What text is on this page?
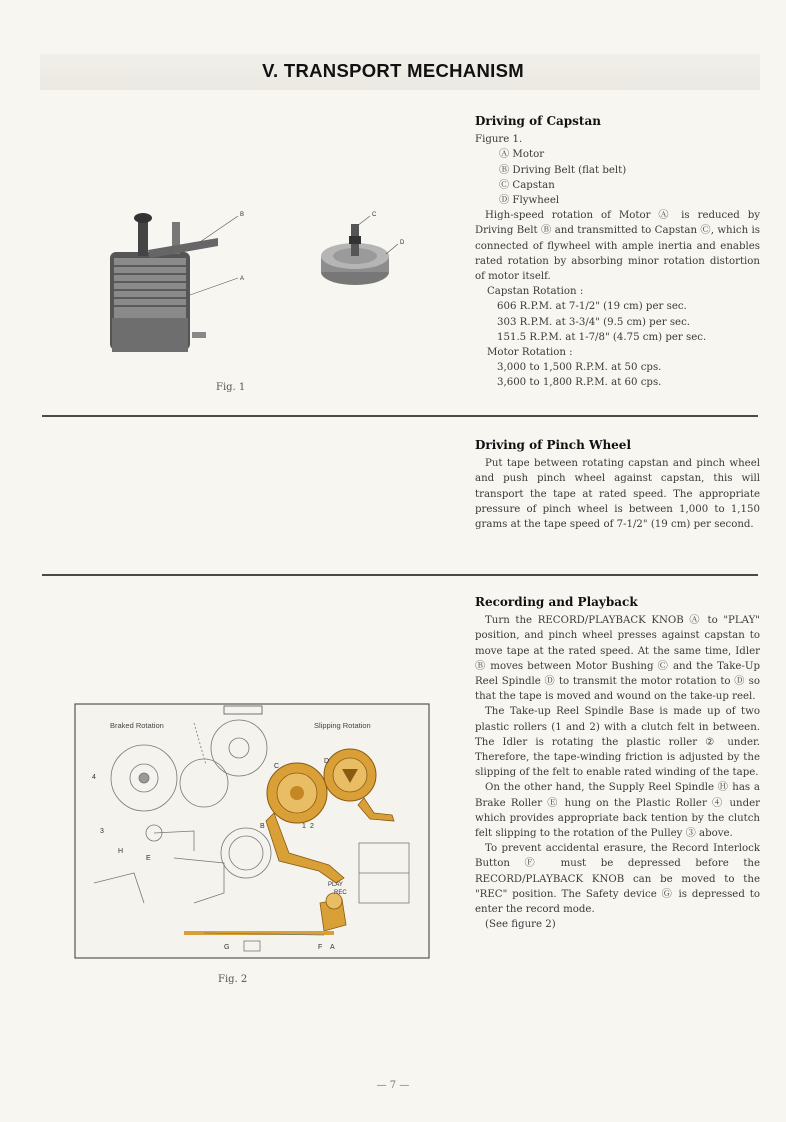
V. TRANSPORT MECHANISM
Driving of Capstan

Figure 1.

Ⓐ Motor

Ⓑ Driving Belt (flat belt)

Ⓒ Capstan

Ⓓ Flywheel

High-speed rotation of Motor Ⓐ is reduced by Driving Belt Ⓑ and transmitted to Capstan Ⓒ, which is connected of flywheel with ample inertia and enables rated rotation by absorbing minor rotation distortion of motor itself.

Capstan Rotation :

606 R.P.M. at 7-1/2" (19 cm) per sec.

303 R.P.M. at 3-3/4" (9.5 cm) per sec.

151.5 R.P.M. at 1-7/8" (4.75 cm) per sec.

Motor Rotation :

3,000 to 1,500 R.P.M. at 50 cps.

3,600 to 1,800 R.P.M. at 60 cps.

B
A
C
D
Fig. 1
Driving of Pinch Wheel

Put tape between rotating capstan and pinch wheel and push pinch wheel against capstan, this will transport the tape at rated speed. The appropriate pressure of pinch wheel is between 1,000 to 1,150 grams at the tape speed of 7-1/2" (19 cm) per second.

Recording and Playback

Turn the RECORD/PLAYBACK KNOB Ⓐ to "PLAY" position, and pinch wheel presses against capstan to move tape at the rated speed. At the same time, Idler Ⓑ moves between Motor Bushing Ⓒ and the Take-Up Reel Spindle Ⓓ to transmit the motor rotation to Ⓓ so that the tape is moved and wound on the take-up reel.

The Take-up Reel Spindle Base is made up of two plastic rollers (1 and 2) with a clutch felt in between. The Idler is rotating the plastic roller ② under. Therefore, the tape-winding friction is adjusted by the slipping of the felt to enable rated winding of the tape.

On the other hand, the Supply Reel Spindle Ⓗ has a Brake Roller Ⓔ hung on the Plastic Roller ④ under which provides appropriate back tention by the clutch felt slipping to the rotation of the Pulley ③ above.

To prevent accidental erasure, the Record Interlock Button Ⓕ must be depressed before the RECORD/PLAYBACK KNOB can be moved to the "REC" position. The Safety device Ⓖ is depressed to enter the record mode.

(See figure 2)

Braked Rotation	Slipping Rotation
4
3
H
E
B
C
D
1 2
PLAY
REC
G	F A
Fig. 2
— 7 —
